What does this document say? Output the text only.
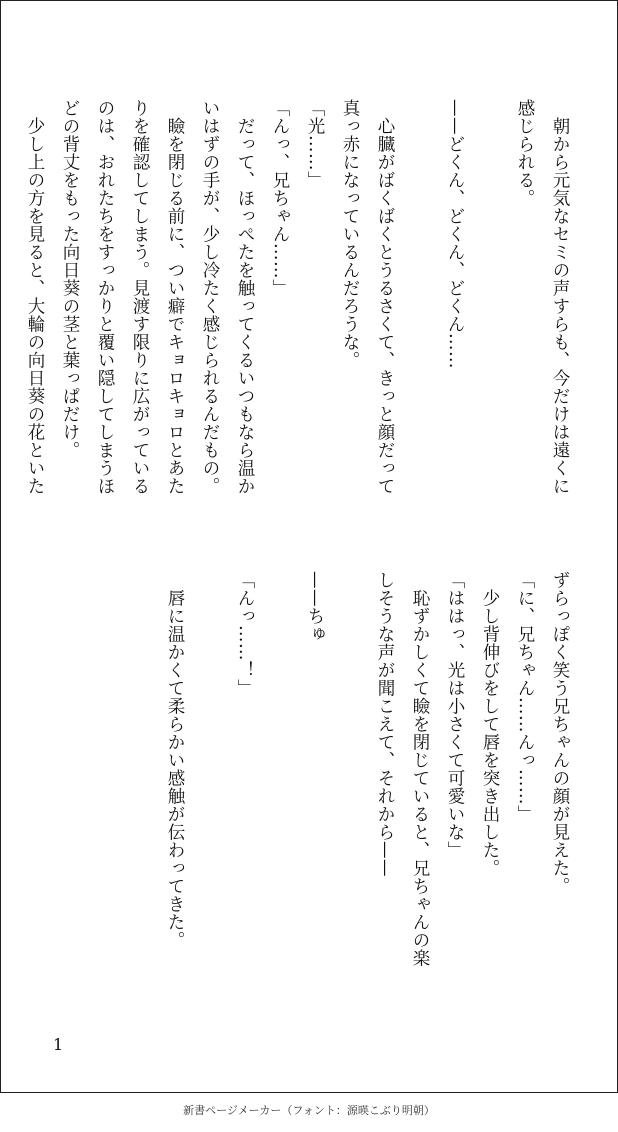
　朝から元気なセミの声すらも、今だけは遠くに
感じられる。

——どくん、どくん、どくん……

　心臓がばくばくとうるさくて、きっと顔だって
真っ赤になっているんだろうな。
「光……」
「んっ、兄ちゃん……」
　だって、ほっぺたを触ってくるいつもなら温か
いはずの手が、少し冷たく感じられるんだもの。
　瞼を閉じる前に、つい癖でキョロキョロとあた
りを確認してしまう。見渡す限りに広がっている
のは、おれたちをすっかりと覆い隠してしまうほ
どの背丈をもった向日葵の茎と葉っぱだけ。
　少し上の方を見ると、大輪の向日葵の花といた
ずらっぽく笑う兄ちゃんの顔が見えた。
「に、兄ちゃん……んっ……」
　少し背伸びをして唇を突き出した。
「ははっ、光は小さくて可愛いな」
　恥ずかしくて瞼を閉じていると、兄ちゃんの楽
しそうな声が聞こえて、それから——

——ちゅ

「んっ……！」

　唇に温かくて柔らかい感触が伝わってきた。
1
新書ページメーカー（フォント：源暎こぶり明朝）
